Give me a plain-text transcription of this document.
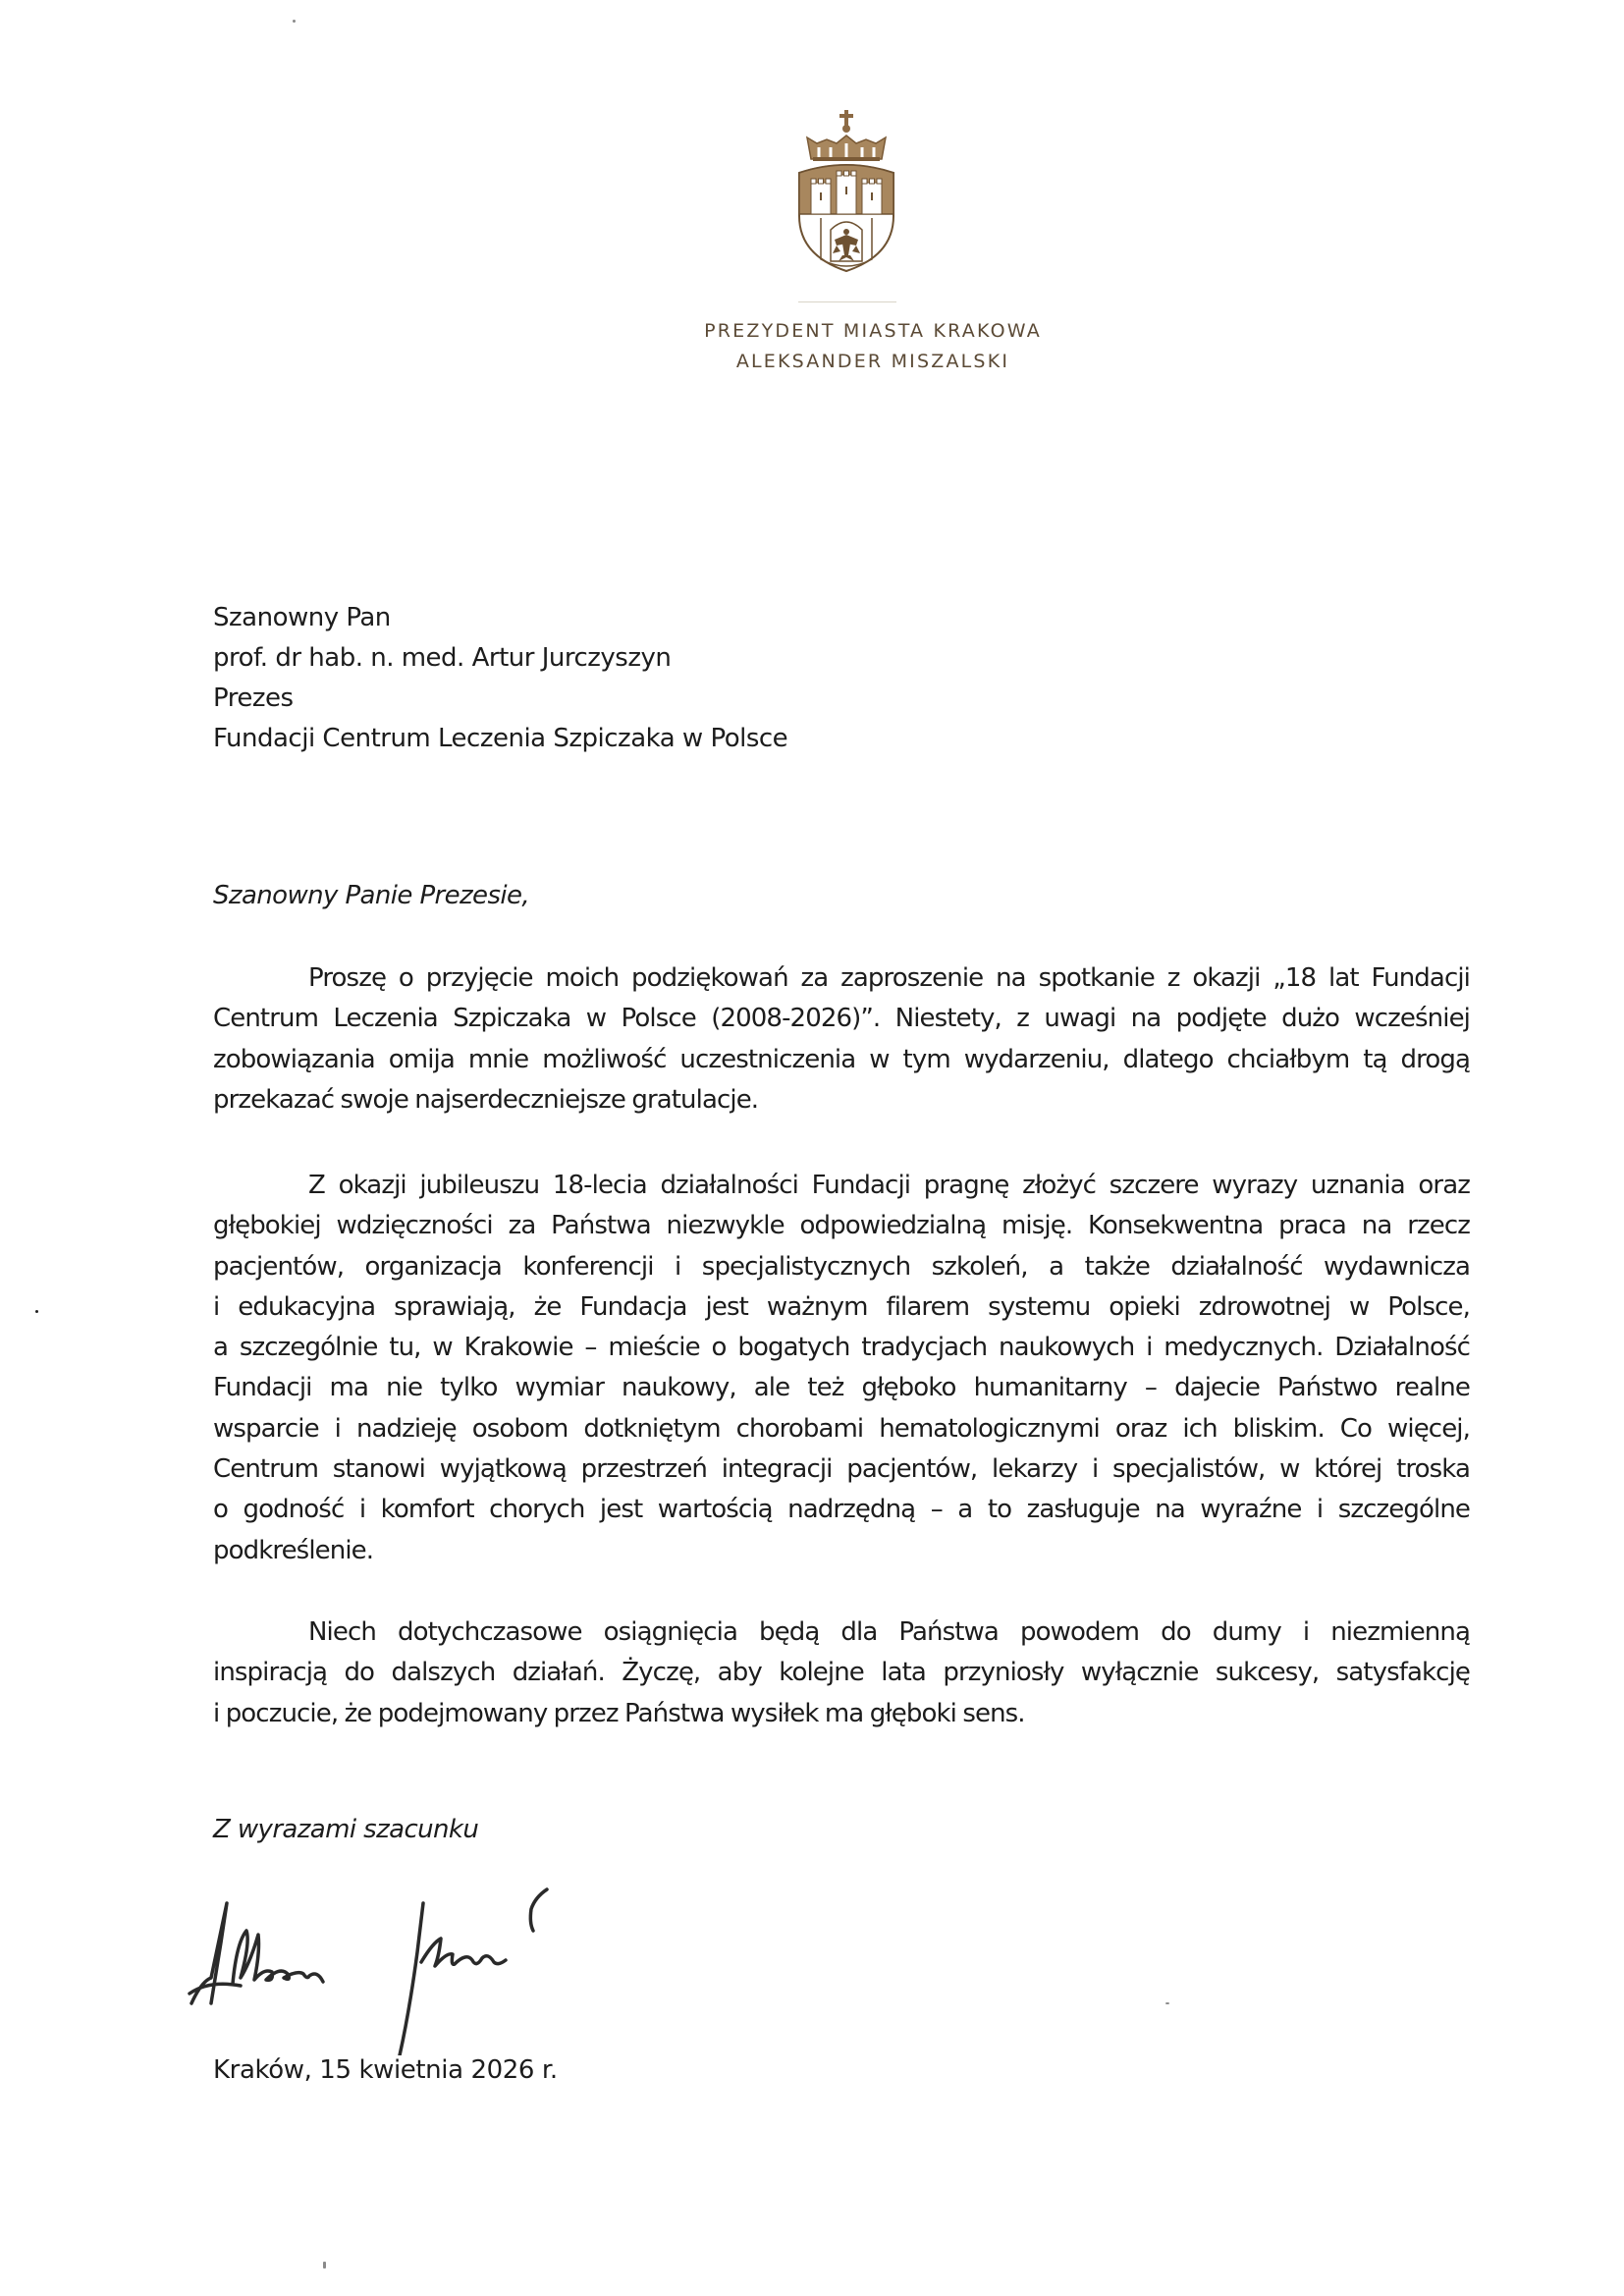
PREZYDENT MIASTA KRAKOWA
ALEKSANDER MISZALSKI
Szanowny Pan
prof. dr hab. n. med. Artur Jurczyszyn
Prezes
Fundacji Centrum Leczenia Szpiczaka w Polsce
Szanowny Panie Prezesie,
Proszę o przyjęcie moich podziękowań za zaproszenie na spotkanie z okazji „18 lat Fundacji
Centrum Leczenia Szpiczaka w Polsce (2008-2026)”. Niestety, z uwagi na podjęte dużo wcześniej
zobowiązania omija mnie możliwość uczestniczenia w tym wydarzeniu, dlatego chciałbym tą drogą
przekazać swoje najserdeczniejsze gratulacje.
Z okazji jubileuszu 18-lecia działalności Fundacji pragnę złożyć szczere wyrazy uznania oraz
głębokiej wdzięczności za Państwa niezwykle odpowiedzialną misję. Konsekwentna praca na rzecz
pacjentów, organizacja konferencji i specjalistycznych szkoleń, a także działalność wydawnicza
i edukacyjna sprawiają, że Fundacja jest ważnym filarem systemu opieki zdrowotnej w Polsce,
a szczególnie tu, w Krakowie – mieście o bogatych tradycjach naukowych i medycznych. Działalność
Fundacji ma nie tylko wymiar naukowy, ale też głęboko humanitarny – dajecie Państwo realne
wsparcie i nadzieję osobom dotkniętym chorobami hematologicznymi oraz ich bliskim. Co więcej,
Centrum stanowi wyjątkową przestrzeń integracji pacjentów, lekarzy i specjalistów, w której troska
o godność i komfort chorych jest wartością nadrzędną – a to zasługuje na wyraźne i szczególne
podkreślenie.
Niech dotychczasowe osiągnięcia będą dla Państwa powodem do dumy i niezmienną
inspiracją do dalszych działań. Życzę, aby kolejne lata przyniosły wyłącznie sukcesy, satysfakcję
i poczucie, że podejmowany przez Państwa wysiłek ma głęboki sens.
Z wyrazami szacunku
Kraków, 15 kwietnia 2026 r.
